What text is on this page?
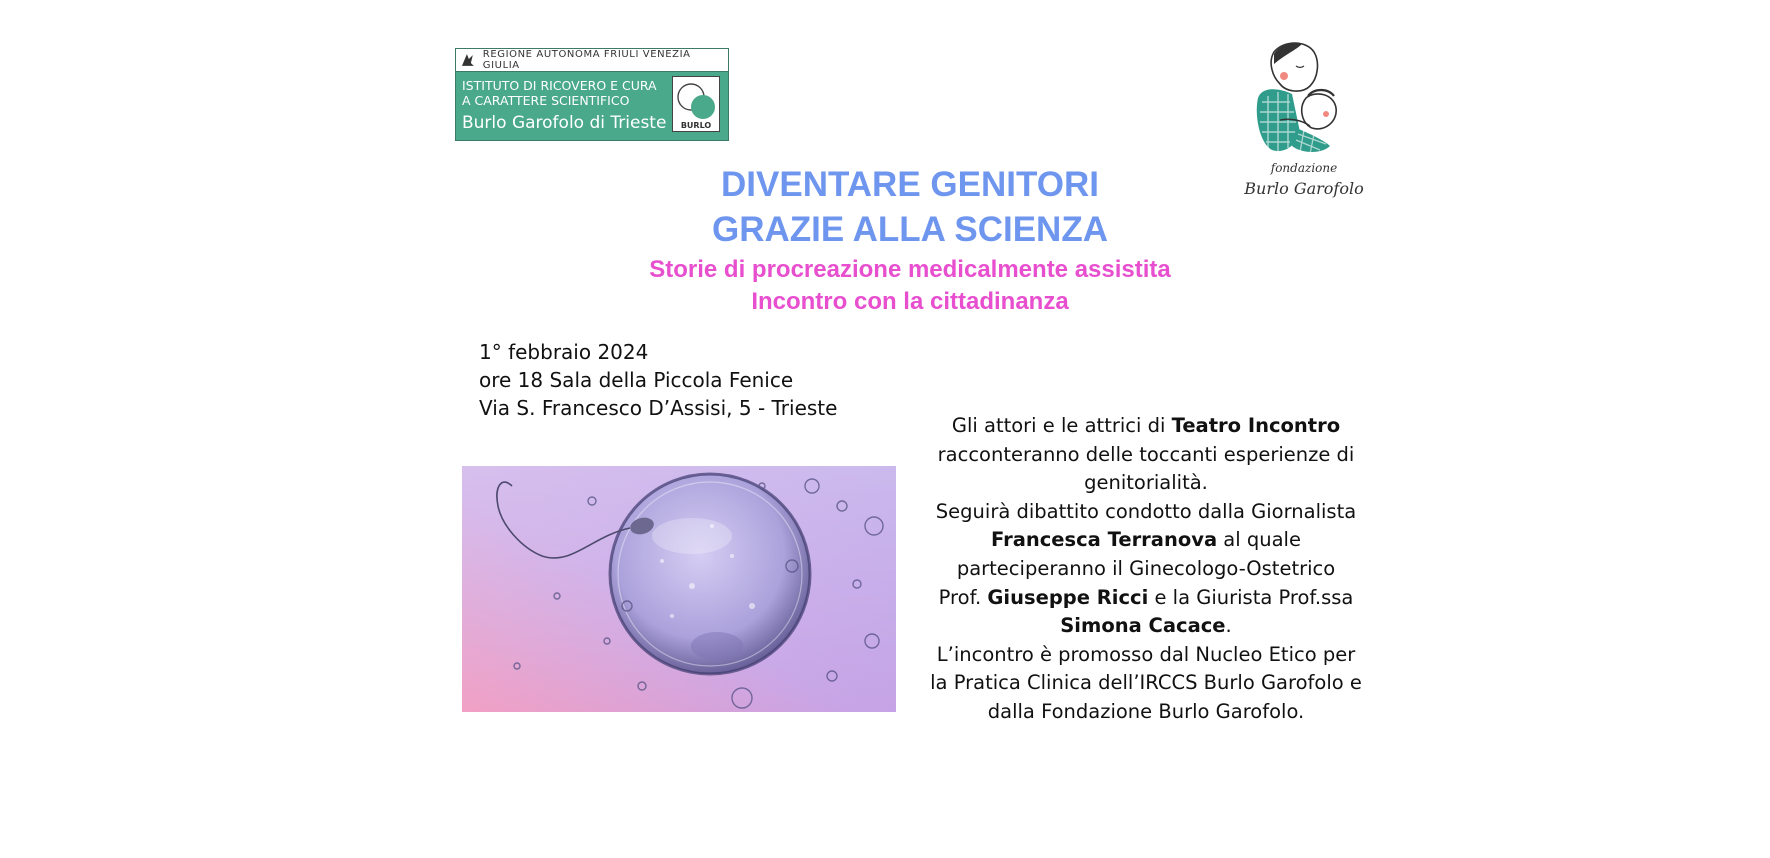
REGIONE AUTONOMA FRIULI VENEZIA GIULIA
ISTITUTO DI RICOVERO E CURA
A CARATTERE SCIENTIFICO
Burlo Garofolo di Trieste BURLO
fondazione
Burlo Garofolo
DIVENTARE GENITORI
GRAZIE ALLA SCIENZA
Storie di procreazione medicalmente assistita
Incontro con la cittadinanza
1° febbraio 2024
ore 18 Sala della Piccola Fenice
Via S. Francesco D’Assisi, 5 - Trieste
Gli attori e le attrici di Teatro Incontro
racconteranno delle toccanti esperienze di
genitorialità.
Seguirà dibattito condotto dalla Giornalista
Francesca Terranova al quale
parteciperanno il Ginecologo-Ostetrico
Prof. Giuseppe Ricci e la Giurista Prof.ssa
Simona Cacace.
L’incontro è promosso dal Nucleo Etico per
la Pratica Clinica dell’IRCCS Burlo Garofolo e
dalla Fondazione Burlo Garofolo.
